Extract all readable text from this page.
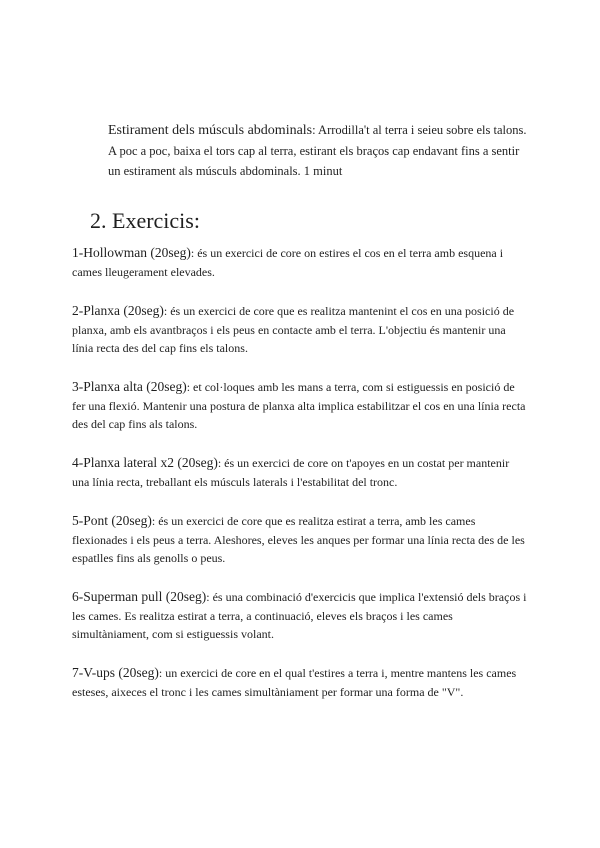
Estirament dels músculs abdominals: Arrodilla't al terra i seieu sobre els talons. A poc a poc, baixa el tors cap al terra, estirant els braços cap endavant fins a sentir un estirament als músculs abdominals. 1 minut
2. Exercicis:
1-Hollowman (20seg): és un exercici de core on estires el cos en el terra amb esquena i cames lleugerament elevades.
2-Planxa (20seg): és un exercici de core que es realitza mantenint el cos en una posició de planxa, amb els avantbraços i els peus en contacte amb el terra. L'objectiu és mantenir una línia recta des del cap fins els talons.
3-Planxa alta (20seg): et col·loques amb les mans a terra, com si estiguessis en posició de fer una flexió. Mantenir una postura de planxa alta implica estabilitzar el cos en una línia recta des del cap fins als talons.
4-Planxa lateral x2 (20seg): és un exercici de core on t'apoyes en un costat per mantenir una línia recta, treballant els músculs laterals i l'estabilitat del tronc.
5-Pont (20seg): és un exercici de core que es realitza estirat a terra, amb les cames flexionades i els peus a terra. Aleshores, eleves les anques per formar una línia recta des de les espatlles fins als genolls o peus.
6-Superman pull (20seg): és una combinació d'exercicis que implica l'extensió dels braços i les cames. Es realitza estirat a terra, a continuació, eleves els braços i les cames simultàniament, com si estiguessis volant.
7-V-ups (20seg): un exercici de core en el qual t'estires a terra i, mentre mantens les cames esteses, aixeces el tronc i les cames simultàniament per formar una forma de "V".
